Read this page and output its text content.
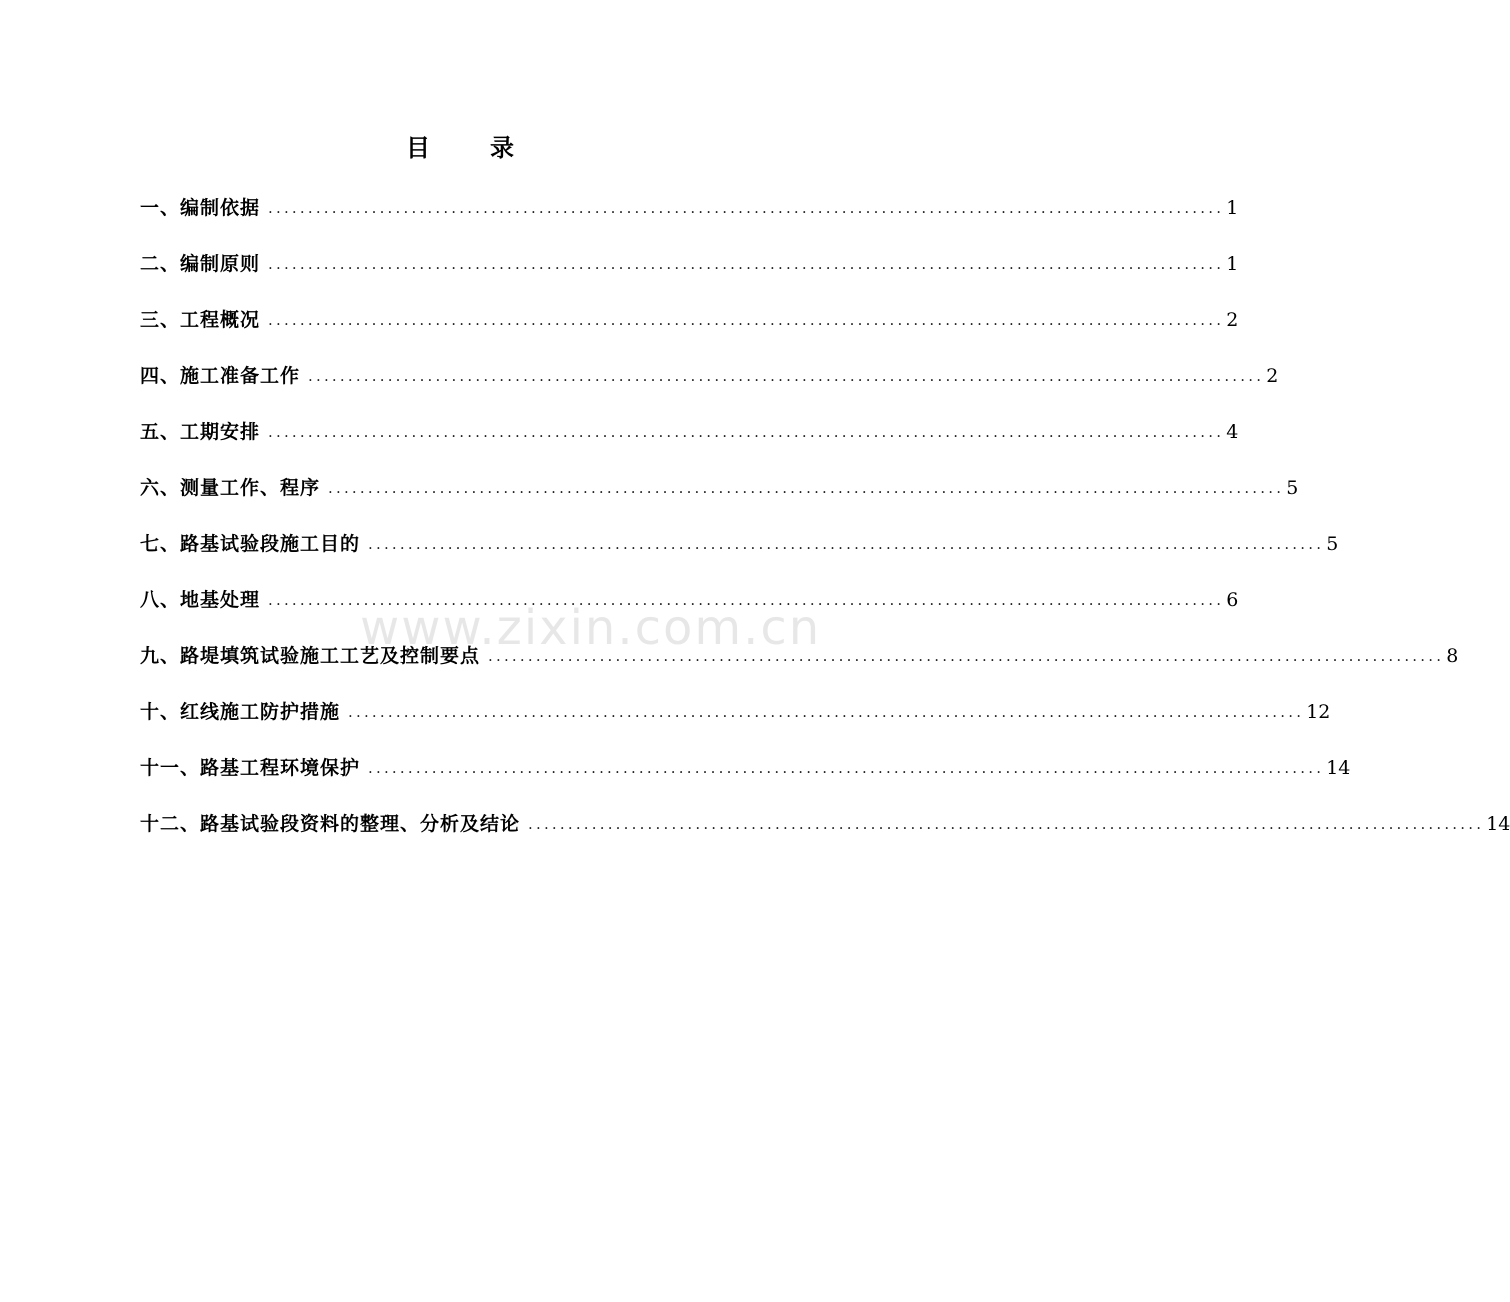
目	录
一、编制依据 ........................................................................................................................ 1
二、编制原则 ........................................................................................................................ 1
三、工程概况 ........................................................................................................................ 2
四、施工准备工作 ........................................................................................................................ 2
五、工期安排 ........................................................................................................................ 4
六、测量工作、程序 ........................................................................................................................ 5
七、路基试验段施工目的 ........................................................................................................................ 5
八、地基处理 ........................................................................................................................ 6
九、路堤填筑试验施工工艺及控制要点 ........................................................................................................................ 8
十、红线施工防护措施 ........................................................................................................................ 12
十一、路基工程环境保护 ........................................................................................................................ 14
十二、路基试验段资料的整理、分析及结论 ........................................................................................................................ 14
www.zixin.com.cn
